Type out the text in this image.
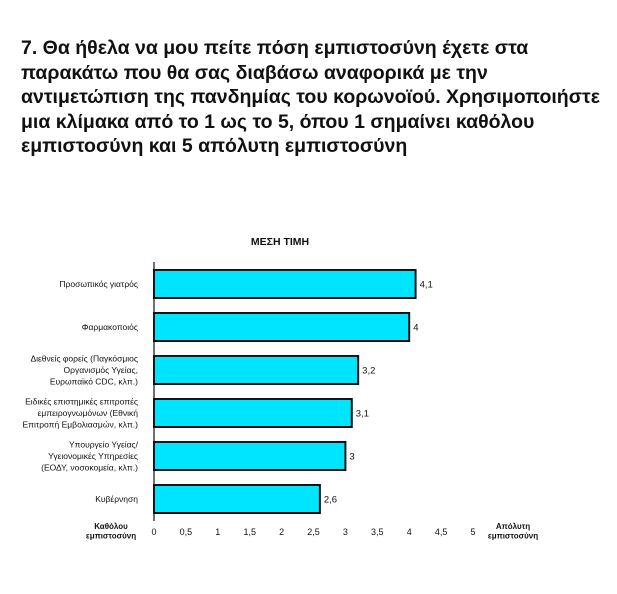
7. Θα ήθελα να μου πείτε πόση εμπιστοσύνη έχετε στα παρακάτω που θα σας διαβάσω αναφορικά με την αντιμετώπιση της πανδημίας του κορωνοϊού. Χρησιμοποιήστε μια κλίμακα από το 1 ως το 5, όπου 1 σημαίνει καθόλου εμπιστοσύνη και 5 απόλυτη εμπιστοσύνη

ΜΕΣΗ ΤΙΜΗ
Προσωπικός γιατρός
Φαρμακοποιός
Διεθνείς φορείς (Παγκόσμιος
Οργανισμός Υγείας,
Ευρωπαϊκό CDC, κλπ.)
Ειδικές επιστημικές επιτροπές
εμπειρογνωμόνων (Εθνική
Επιτροπή Εμβολιασμών, κλπ.)
Υπουργείο Υγείας/
Υγειονομικές Υπηρεσίες
(ΕΟΔΥ, νοσοκομεία, κλπ.)
Κυβέρνηση
4,1
4
3,2
3,1
3
2,6
0	0,5	1	1,5	2	2,5	3	3,5	4	4,5	5
Καθόλου εμπιστοσύνη
Απόλυτη εμπιστοσύνη
